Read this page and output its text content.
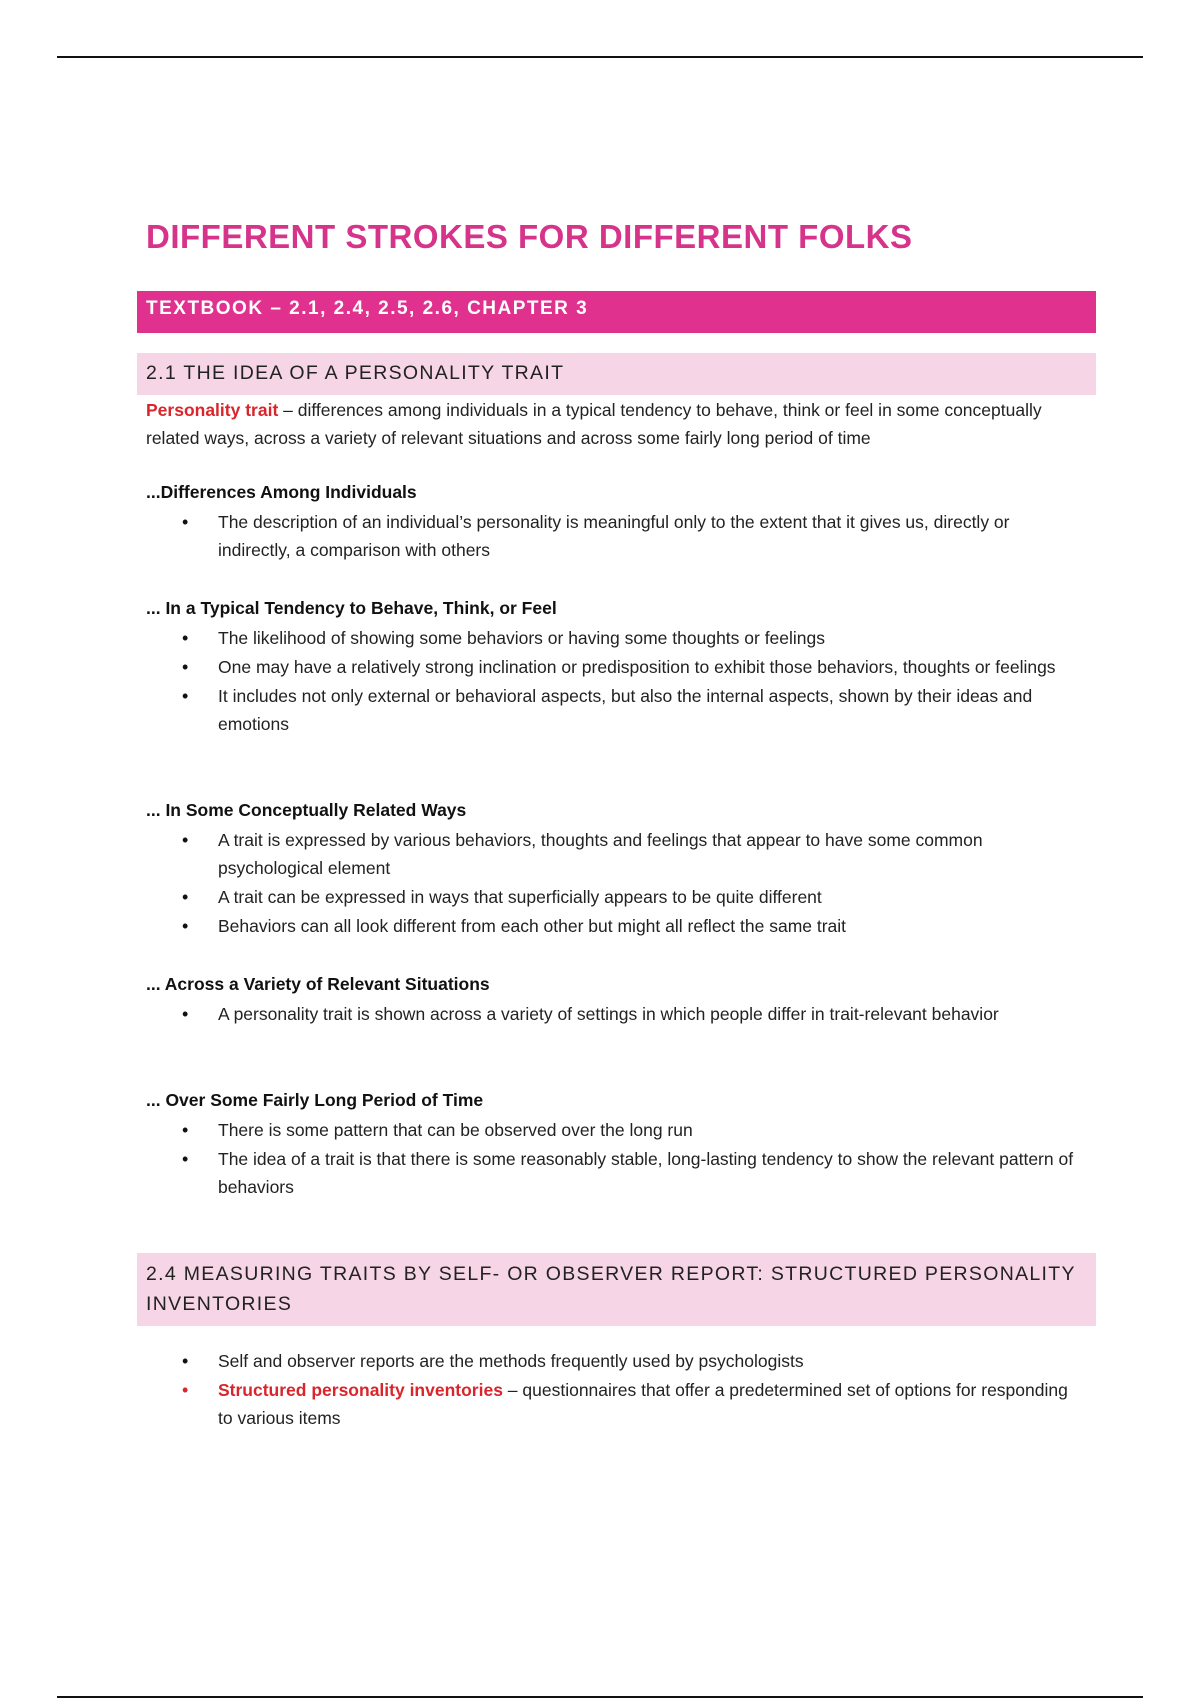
DIFFERENT STROKES FOR DIFFERENT FOLKS
TEXTBOOK – 2.1, 2.4, 2.5, 2.6, CHAPTER 3
2.1 THE IDEA OF A PERSONALITY TRAIT
Personality trait – differences among individuals in a typical tendency to behave, think or feel in some conceptually related ways, across a variety of relevant situations and across some fairly long period of time
...Differences Among Individuals
• The description of an individual’s personality is meaningful only to the extent that it gives us, directly or indirectly, a comparison with others
... In a Typical Tendency to Behave, Think, or Feel
• The likelihood of showing some behaviors or having some thoughts or feelings
• One may have a relatively strong inclination or predisposition to exhibit those behaviors, thoughts or feelings
• It includes not only external or behavioral aspects, but also the internal aspects, shown by their ideas and emotions
... In Some Conceptually Related Ways
• A trait is expressed by various behaviors, thoughts and feelings that appear to have some common psychological element
• A trait can be expressed in ways that superficially appears to be quite different
• Behaviors can all look different from each other but might all reflect the same trait
... Across a Variety of Relevant Situations
• A personality trait is shown across a variety of settings in which people differ in trait-relevant behavior
... Over Some Fairly Long Period of Time
• There is some pattern that can be observed over the long run
• The idea of a trait is that there is some reasonably stable, long-lasting tendency to show the relevant pattern of behaviors
2.4 MEASURING TRAITS BY SELF- OR OBSERVER REPORT: STRUCTURED PERSONALITY INVENTORIES
• Self and observer reports are the methods frequently used by psychologists
• Structured personality inventories – questionnaires that offer a predetermined set of options for responding to various items
